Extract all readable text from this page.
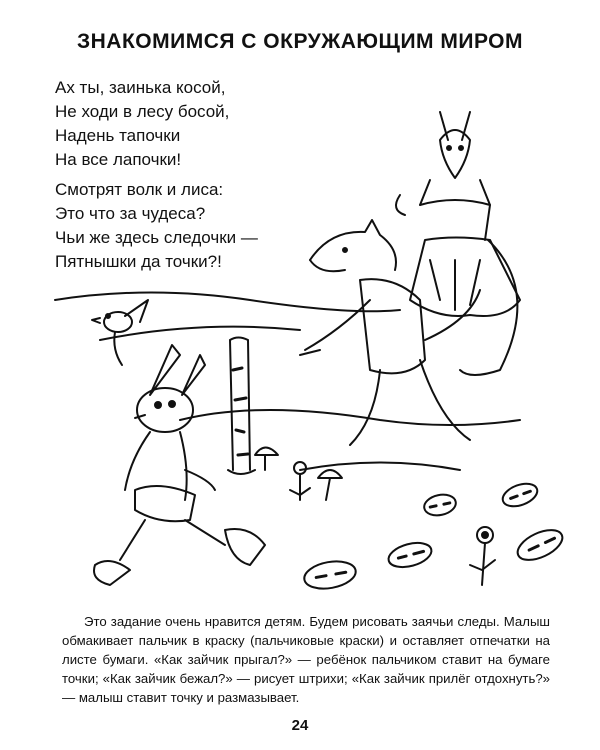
ЗНАКОМИМСЯ С ОКРУЖАЮЩИМ МИРОМ
Ах ты, заинька косой,
Не ходи в лесу босой,
Надень тапочки
На все лапочки!
Смотрят волк и лиса:
Это что за чудеса?
Чьи же здесь следочки —
Пятнышки да точки?!

Это задание очень нравится детям. Будем рисовать заячьи следы. Малыш обмакивает пальчик в краску (пальчиковые краски) и оставляет отпечатки на листе бумаги. «Как зайчик прыгал?» — ребёнок пальчиком ставит на бумаге точки; «Как зайчик бежал?» — рисует штрихи; «Как зайчик прилёг отдохнуть?» — малыш ставит точку и размазывает.

24
